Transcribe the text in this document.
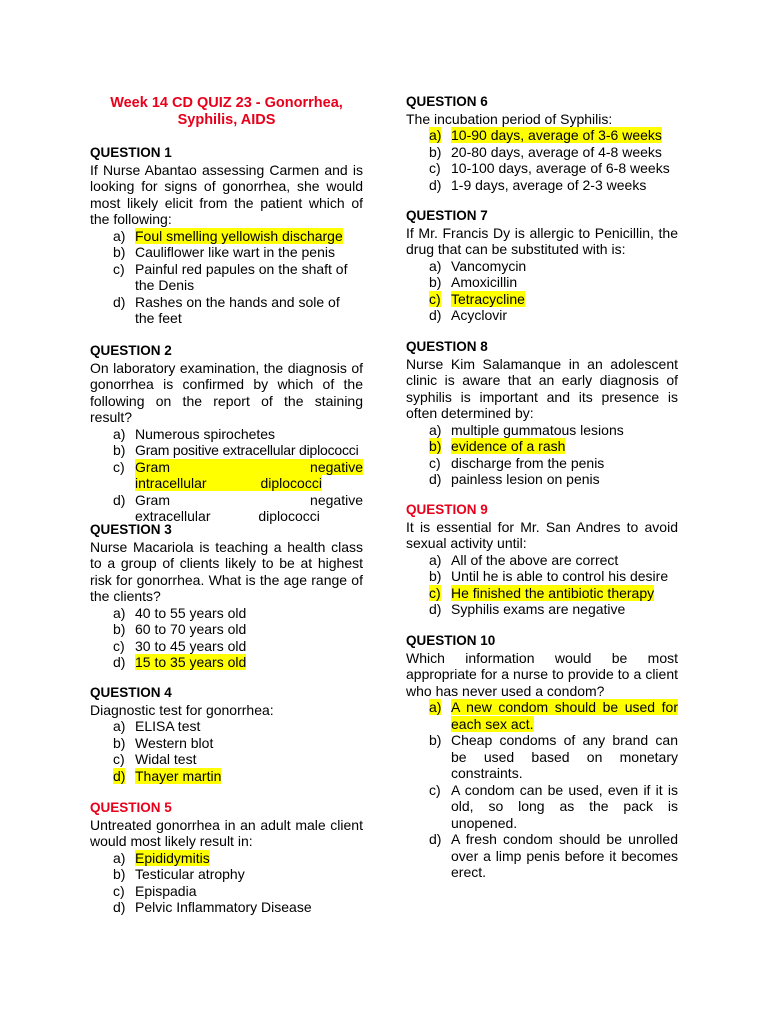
Week 14 CD QUIZ 23 - Gonorrhea, Syphilis, AIDS
QUESTION 1
If Nurse Abantao assessing Carmen and is looking for signs of gonorrhea, she would most likely elicit from the patient which of the following:
a) Foul smelling yellowish discharge
b) Cauliflower like wart in the penis
c) Painful red papules on the shaft of the Denis
d) Rashes on the hands and sole of the feet
QUESTION 2
On laboratory examination, the diagnosis of gonorrhea is confirmed by which of the following on the report of the staining result?
a) Numerous spirochetes
b) Gram positive extracellular diplococci
c) Gram negative intracellular diplococci
d) Gram negative extracellular diplococci
QUESTION 3
Nurse Macariola is teaching a health class to a group of clients likely to be at highest risk for gonorrhea. What is the age range of the clients?
a) 40 to 55 years old
b) 60 to 70 years old
c) 30 to 45 years old
d) 15 to 35 years old
QUESTION 4
Diagnostic test for gonorrhea:
a) ELISA test
b) Western blot
c) Widal test
d) Thayer martin
QUESTION 5
Untreated gonorrhea in an adult male client would most likely result in:
a) Epididymitis
b) Testicular atrophy
c) Epispadia
d) Pelvic Inflammatory Disease
QUESTION 6
The incubation period of Syphilis:
a) 10-90 days, average of 3-6 weeks
b) 20-80 days, average of 4-8 weeks
c) 10-100 days, average of 6-8 weeks
d) 1-9 days, average of 2-3 weeks
QUESTION 7
If Mr. Francis Dy is allergic to Penicillin, the drug that can be substituted with is:
a) Vancomycin
b) Amoxicillin
c) Tetracycline
d) Acyclovir
QUESTION 8
Nurse Kim Salamanque in an adolescent clinic is aware that an early diagnosis of syphilis is important and its presence is often determined by:
a) multiple gummatous lesions
b) evidence of a rash
c) discharge from the penis
d) painless lesion on penis
QUESTION 9
It is essential for Mr. San Andres to avoid sexual activity until:
a) All of the above are correct
b) Until he is able to control his desire
c) He finished the antibiotic therapy
d) Syphilis exams are negative
QUESTION 10
Which information would be most appropriate for a nurse to provide to a client who has never used a condom?
a) A new condom should be used for each sex act.
b) Cheap condoms of any brand can be used based on monetary constraints.
c) A condom can be used, even if it is old, so long as the pack is unopened.
d) A fresh condom should be unrolled over a limp penis before it becomes erect.
